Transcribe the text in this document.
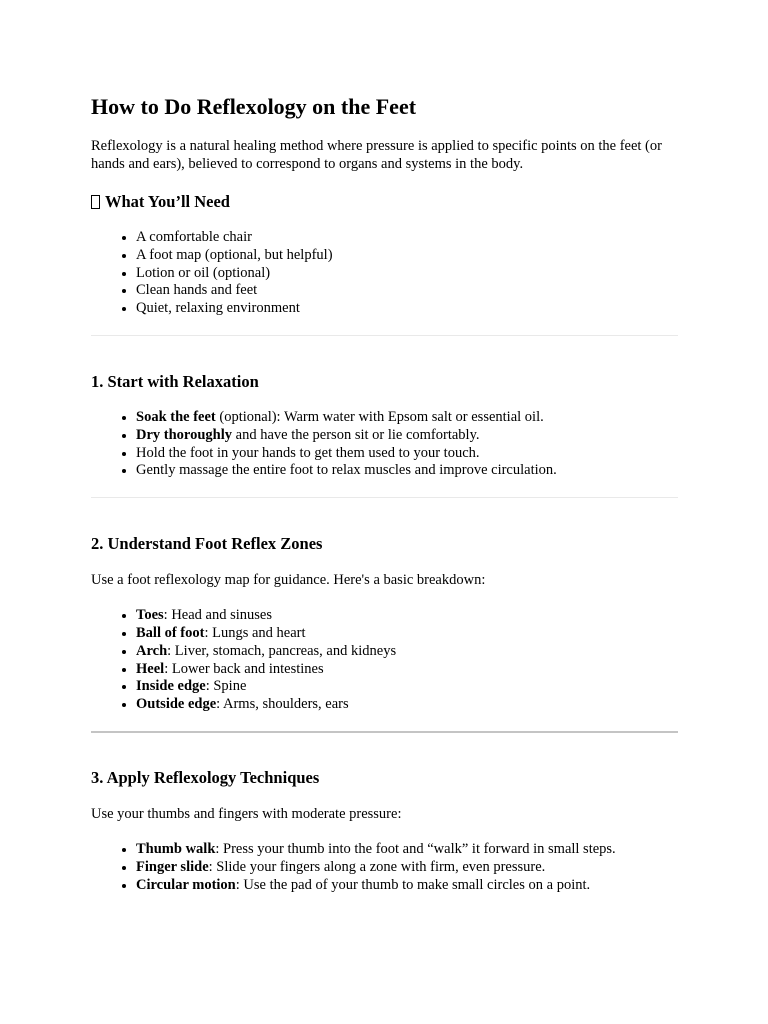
How to Do Reflexology on the Feet

Reflexology is a natural healing method where pressure is applied to specific points on the feet (or hands and ears), believed to correspond to organs and systems in the body.

What You’ll Need
• A comfortable chair
• A foot map (optional, but helpful)
• Lotion or oil (optional)
• Clean hands and feet
• Quiet, relaxing environment
1. Start with Relaxation
• Soak the feet (optional): Warm water with Epsom salt or essential oil.
• Dry thoroughly and have the person sit or lie comfortably.
• Hold the foot in your hands to get them used to your touch.
• Gently massage the entire foot to relax muscles and improve circulation.
2. Understand Foot Reflex Zones

Use a foot reflexology map for guidance. Here's a basic breakdown:

• Toes: Head and sinuses
• Ball of foot: Lungs and heart
• Arch: Liver, stomach, pancreas, and kidneys
• Heel: Lower back and intestines
• Inside edge: Spine
• Outside edge: Arms, shoulders, ears
3. Apply Reflexology Techniques

Use your thumbs and fingers with moderate pressure:

• Thumb walk: Press your thumb into the foot and “walk” it forward in small steps.
• Finger slide: Slide your fingers along a zone with firm, even pressure.
• Circular motion: Use the pad of your thumb to make small circles on a point.
